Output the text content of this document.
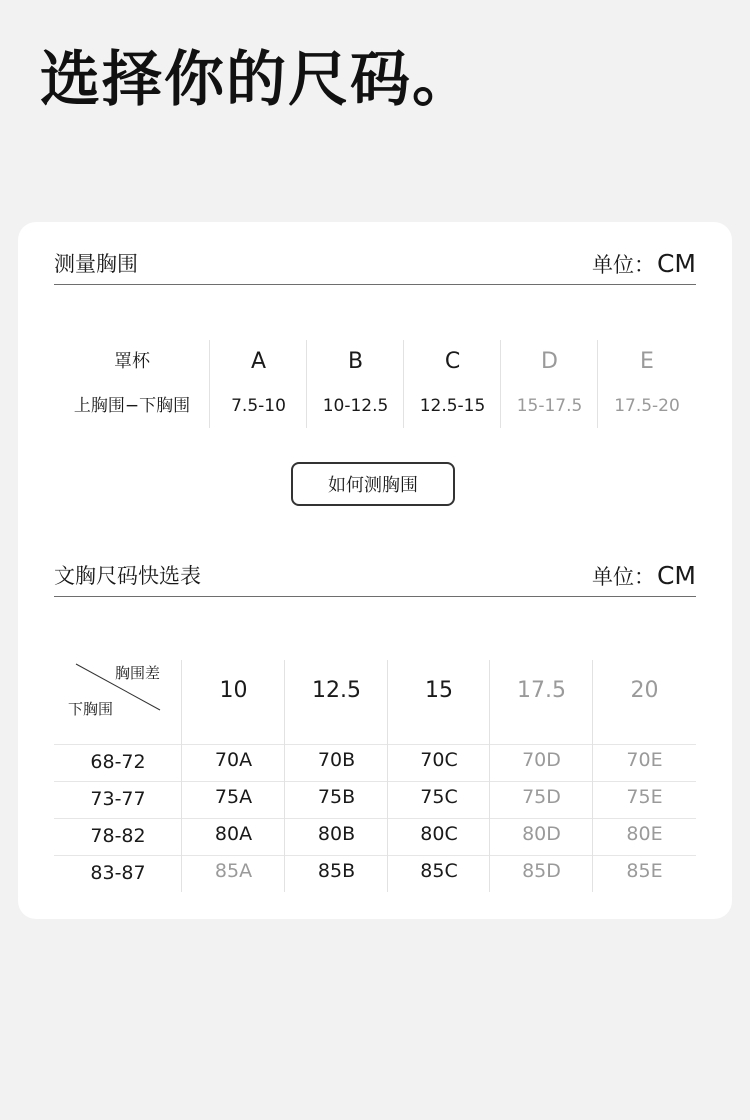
选择你的尺码。
测量胸围	单位：CM
罩杯	A	B	C	D	E
上胸围−下胸围	7.5-10	10-12.5	12.5-15	15-17.5	17.5-20
如何测胸围
文胸尺码快选表	单位：CM
胸围差
下胸围
10	12.5	15	17.5	20
68-72	70A	70B	70C	70D	70E
73-77	75A	75B	75C	75D	75E
78-82	80A	80B	80C	80D	80E
83-87	85A	85B	85C	85D	85E
